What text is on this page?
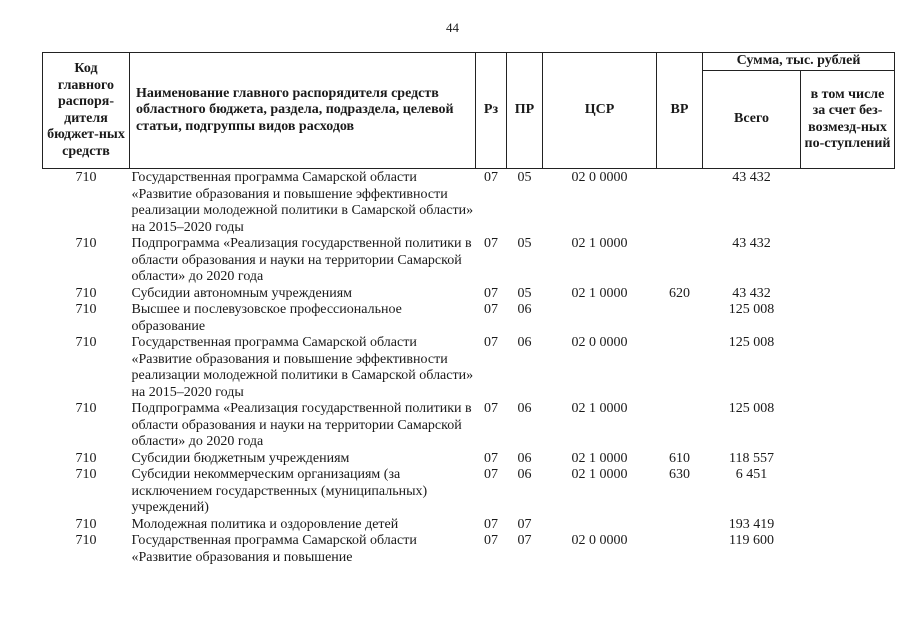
44
Код главного распоря-дителя бюджет-ных средств	Наименование главного распорядителя средств областного бюджета, раздела, подраздела, целевой статьи, подгруппы видов расходов	Рз	ПР	ЦСР	ВР	Сумма, тыс. рублей	
						Всего	в том числе за счет без-возмезд-ных по-ступлений
710	Государственная программа Самарской области «Развитие образования и повышение эффективности реализации молодежной политики в Самарской области» на 2015–2020 годы	07	05	02 0 0000		43 432	
710	Подпрограмма «Реализация государственной политики в области образования и науки на территории Самарской области» до 2020 года	07	05	02 1 0000		43 432	
710	Субсидии автономным учреждениям	07	05	02 1 0000	620	43 432	
710	Высшее и послевузовское профессиональное образование	07	06			125 008	
710	Государственная программа Самарской области «Развитие образования и повышение эффективности реализации молодежной политики в Самарской области» на 2015–2020 годы	07	06	02 0 0000		125 008	
710	Подпрограмма «Реализация государственной политики в области образования и науки на территории Самарской области» до 2020 года	07	06	02 1 0000		125 008	
710	Субсидии бюджетным учреждениям	07	06	02 1 0000	610	118 557	
710	Субсидии некоммерческим организациям (за исключением государственных (муниципальных) учреждений)	07	06	02 1 0000	630	6 451	
710	Молодежная политика и оздоровление детей	07	07			193 419	
710	Государственная программа Самарской области «Развитие образования и повышение	07	07	02 0 0000		119 600	
